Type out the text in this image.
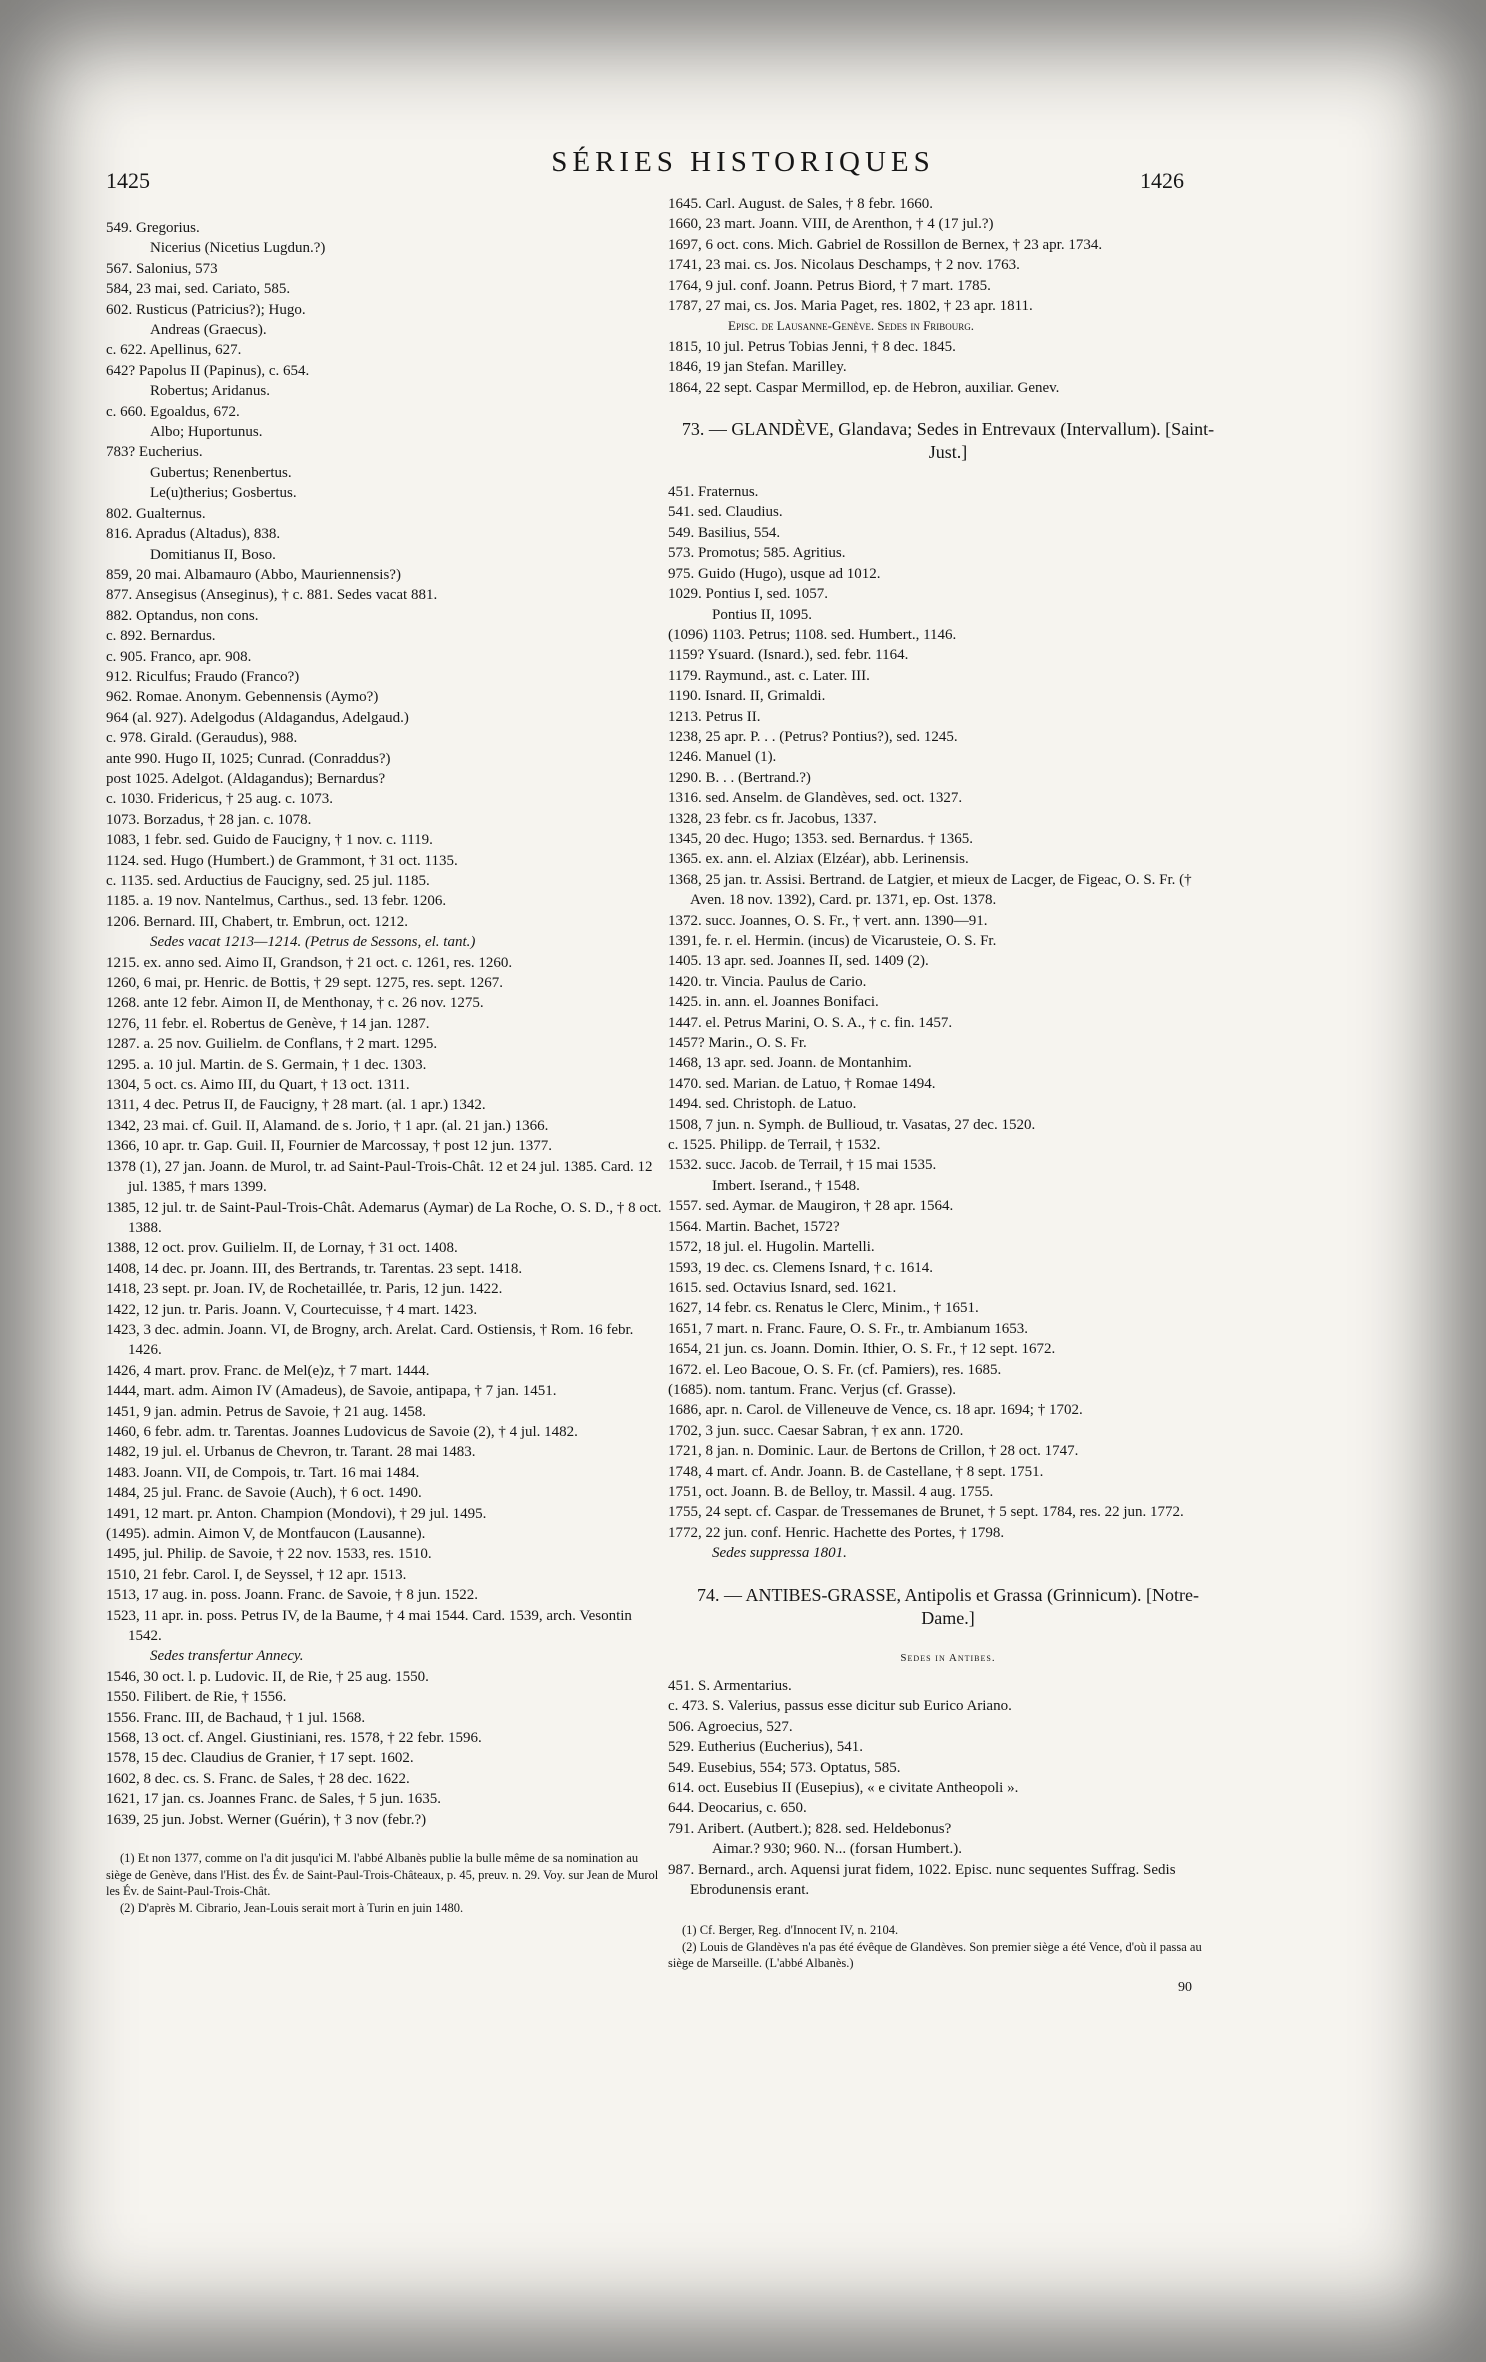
1425
SÉRIES HISTORIQUES
1426

549. Gregorius.

Nicerius (Nicetius Lugdun.?)

567. Salonius, 573

584, 23 mai, sed. Cariato, 585.

602. Rusticus (Patricius?); Hugo.

Andreas (Graecus).

c. 622. Apellinus, 627.

642? Papolus II (Papinus), c. 654.

Robertus; Aridanus.

c. 660. Egoaldus, 672.

Albo; Huportunus.

783? Eucherius.

Gubertus; Renenbertus.

Le(u)therius; Gosbertus.

802. Gualternus.

816. Apradus (Altadus), 838.

Domitianus II, Boso.

859, 20 mai. Albamauro (Abbo, Mauriennensis?)

877. Ansegisus (Anseginus), † c. 881. Sedes vacat 881.

882. Optandus, non cons.

c. 892. Bernardus.

c. 905. Franco, apr. 908.

912. Riculfus; Fraudo (Franco?)

962. Romae. Anonym. Gebennensis (Aymo?)

964 (al. 927). Adelgodus (Aldagandus, Adelgaud.)

c. 978. Girald. (Geraudus), 988.

ante 990. Hugo II, 1025; Cunrad. (Conraddus?)

post 1025. Adelgot. (Aldagandus); Bernardus?

c. 1030. Fridericus, † 25 aug. c. 1073.

1073. Borzadus, † 28 jan. c. 1078.

1083, 1 febr. sed. Guido de Faucigny, † 1 nov. c. 1119.

1124. sed. Hugo (Humbert.) de Grammont, † 31 oct. 1135.

c. 1135. sed. Arductius de Faucigny, sed. 25 jul. 1185.

1185. a. 19 nov. Nantelmus, Carthus., sed. 13 febr. 1206.

1206. Bernard. III, Chabert, tr. Embrun, oct. 1212.

Sedes vacat 1213—1214. (Petrus de Sessons, el. tant.)

1215. ex. anno sed. Aimo II, Grandson, † 21 oct. c. 1261, res. 1260.

1260, 6 mai, pr. Henric. de Bottis, † 29 sept. 1275, res. sept. 1267.

1268. ante 12 febr. Aimon II, de Menthonay, † c. 26 nov. 1275.

1276, 11 febr. el. Robertus de Genève, † 14 jan. 1287.

1287. a. 25 nov. Guilielm. de Conflans, † 2 mart. 1295.

1295. a. 10 jul. Martin. de S. Germain, † 1 dec. 1303.

1304, 5 oct. cs. Aimo III, du Quart, † 13 oct. 1311.

1311, 4 dec. Petrus II, de Faucigny, † 28 mart. (al. 1 apr.) 1342.

1342, 23 mai. cf. Guil. II, Alamand. de s. Jorio, † 1 apr. (al. 21 jan.) 1366.

1366, 10 apr. tr. Gap. Guil. II, Fournier de Marcossay, † post 12 jun. 1377.

1378 (1), 27 jan. Joann. de Murol, tr. ad Saint-Paul-Trois-Chât. 12 et 24 jul. 1385. Card. 12 jul. 1385, † mars 1399.

1385, 12 jul. tr. de Saint-Paul-Trois-Chât. Ademarus (Aymar) de La Roche, O. S. D., † 8 oct. 1388.

1388, 12 oct. prov. Guilielm. II, de Lornay, † 31 oct. 1408.

1408, 14 dec. pr. Joann. III, des Bertrands, tr. Tarentas. 23 sept. 1418.

1418, 23 sept. pr. Joan. IV, de Rochetaillée, tr. Paris, 12 jun. 1422.

1422, 12 jun. tr. Paris. Joann. V, Courtecuisse, † 4 mart. 1423.

1423, 3 dec. admin. Joann. VI, de Brogny, arch. Arelat. Card. Ostiensis, † Rom. 16 febr. 1426.

1426, 4 mart. prov. Franc. de Mel(e)z, † 7 mart. 1444.

1444, mart. adm. Aimon IV (Amadeus), de Savoie, antipapa, † 7 jan. 1451.

1451, 9 jan. admin. Petrus de Savoie, † 21 aug. 1458.

1460, 6 febr. adm. tr. Tarentas. Joannes Ludovicus de Savoie (2), † 4 jul. 1482.

1482, 19 jul. el. Urbanus de Chevron, tr. Tarant. 28 mai 1483.

1483. Joann. VII, de Compois, tr. Tart. 16 mai 1484.

1484, 25 jul. Franc. de Savoie (Auch), † 6 oct. 1490.

1491, 12 mart. pr. Anton. Champion (Mondovi), † 29 jul. 1495.

(1495). admin. Aimon V, de Montfaucon (Lausanne).

1495, jul. Philip. de Savoie, † 22 nov. 1533, res. 1510.

1510, 21 febr. Carol. I, de Seyssel, † 12 apr. 1513.

1513, 17 aug. in. poss. Joann. Franc. de Savoie, † 8 jun. 1522.

1523, 11 apr. in. poss. Petrus IV, de la Baume, † 4 mai 1544. Card. 1539, arch. Vesontin 1542.

Sedes transfertur Annecy.

1546, 30 oct. l. p. Ludovic. II, de Rie, † 25 aug. 1550.

1550. Filibert. de Rie, † 1556.

1556. Franc. III, de Bachaud, † 1 jul. 1568.

1568, 13 oct. cf. Angel. Giustiniani, res. 1578, † 22 febr. 1596.

1578, 15 dec. Claudius de Granier, † 17 sept. 1602.

1602, 8 dec. cs. S. Franc. de Sales, † 28 dec. 1622.

1621, 17 jan. cs. Joannes Franc. de Sales, † 5 jun. 1635.

1639, 25 jun. Jobst. Werner (Guérin), † 3 nov (febr.?)

(1) Et non 1377, comme on l'a dit jusqu'ici M. l'abbé Albanès publie la bulle même de sa nomination au siège de Genève, dans l'Hist. des Év. de Saint-Paul-Trois-Châteaux, p. 45, preuv. n. 29. Voy. sur Jean de Murol les Év. de Saint-Paul-Trois-Chât.

(2) D'après M. Cibrario, Jean-Louis serait mort à Turin en juin 1480.

1645. Carl. August. de Sales, † 8 febr. 1660.

1660, 23 mart. Joann. VIII, de Arenthon, † 4 (17 jul.?)

1697, 6 oct. cons. Mich. Gabriel de Rossillon de Bernex, † 23 apr. 1734.

1741, 23 mai. cs. Jos. Nicolaus Deschamps, † 2 nov. 1763.

1764, 9 jul. conf. Joann. Petrus Biord, † 7 mart. 1785.

1787, 27 mai, cs. Jos. Maria Paget, res. 1802, † 23 apr. 1811.

Episc. de Lausanne-Genève. Sedes in Fribourg.

1815, 10 jul. Petrus Tobias Jenni, † 8 dec. 1845.

1846, 19 jan Stefan. Marilley.

1864, 22 sept. Caspar Mermillod, ep. de Hebron, auxiliar. Genev.

73. — GLANDÈVE, Glandava; Sedes in Entrevaux (Intervallum). [Saint-Just.]

451. Fraternus.

541. sed. Claudius.

549. Basilius, 554.

573. Promotus; 585. Agritius.

975. Guido (Hugo), usque ad 1012.

1029. Pontius I, sed. 1057.

Pontius II, 1095.

(1096) 1103. Petrus; 1108. sed. Humbert., 1146.

1159? Ysuard. (Isnard.), sed. febr. 1164.

1179. Raymund., ast. c. Later. III.

1190. Isnard. II, Grimaldi.

1213. Petrus II.

1238, 25 apr. P. . . (Petrus? Pontius?), sed. 1245.

1246. Manuel (1).

1290. B. . . (Bertrand.?)

1316. sed. Anselm. de Glandèves, sed. oct. 1327.

1328, 23 febr. cs fr. Jacobus, 1337.

1345, 20 dec. Hugo; 1353. sed. Bernardus. † 1365.

1365. ex. ann. el. Alziax (Elzéar), abb. Lerinensis.

1368, 25 jan. tr. Assisi. Bertrand. de Latgier, et mieux de Lacger, de Figeac, O. S. Fr. († Aven. 18 nov. 1392), Card. pr. 1371, ep. Ost. 1378.

1372. succ. Joannes, O. S. Fr., † vert. ann. 1390—91.

1391, fe. r. el. Hermin. (incus) de Vicarusteie, O. S. Fr.

1405. 13 apr. sed. Joannes II, sed. 1409 (2).

1420. tr. Vincia. Paulus de Cario.

1425. in. ann. el. Joannes Bonifaci.

1447. el. Petrus Marini, O. S. A., † c. fin. 1457.

1457? Marin., O. S. Fr.

1468, 13 apr. sed. Joann. de Montanhim.

1470. sed. Marian. de Latuo, † Romae 1494.

1494. sed. Christoph. de Latuo.

1508, 7 jun. n. Symph. de Bullioud, tr. Vasatas, 27 dec. 1520.

c. 1525. Philipp. de Terrail, † 1532.

1532. succ. Jacob. de Terrail, † 15 mai 1535.

Imbert. Iserand., † 1548.

1557. sed. Aymar. de Maugiron, † 28 apr. 1564.

1564. Martin. Bachet, 1572?

1572, 18 jul. el. Hugolin. Martelli.

1593, 19 dec. cs. Clemens Isnard, † c. 1614.

1615. sed. Octavius Isnard, sed. 1621.

1627, 14 febr. cs. Renatus le Clerc, Minim., † 1651.

1651, 7 mart. n. Franc. Faure, O. S. Fr., tr. Ambianum 1653.

1654, 21 jun. cs. Joann. Domin. Ithier, O. S. Fr., † 12 sept. 1672.

1672. el. Leo Bacoue, O. S. Fr. (cf. Pamiers), res. 1685.

(1685). nom. tantum. Franc. Verjus (cf. Grasse).

1686, apr. n. Carol. de Villeneuve de Vence, cs. 18 apr. 1694; † 1702.

1702, 3 jun. succ. Caesar Sabran, † ex ann. 1720.

1721, 8 jan. n. Dominic. Laur. de Bertons de Crillon, † 28 oct. 1747.

1748, 4 mart. cf. Andr. Joann. B. de Castellane, † 8 sept. 1751.

1751, oct. Joann. B. de Belloy, tr. Massil. 4 aug. 1755.

1755, 24 sept. cf. Caspar. de Tressemanes de Brunet, † 5 sept. 1784, res. 22 jun. 1772.

1772, 22 jun. conf. Henric. Hachette des Portes, † 1798.

Sedes suppressa 1801.

74. — ANTIBES-GRASSE, Antipolis et Grassa (Grinnicum). [Notre-Dame.]
Sedes in Antibes.

451. S. Armentarius.

c. 473. S. Valerius, passus esse dicitur sub Eurico Ariano.

506. Agroecius, 527.

529. Eutherius (Eucherius), 541.

549. Eusebius, 554; 573. Optatus, 585.

614. oct. Eusebius II (Eusepius), « e civitate Antheopoli ».

644. Deocarius, c. 650.

791. Aribert. (Autbert.); 828. sed. Heldebonus?

Aimar.? 930; 960. N... (forsan Humbert.).

987. Bernard., arch. Aquensi jurat fidem, 1022. Episc. nunc sequentes Suffrag. Sedis Ebrodunensis erant.

(1) Cf. Berger, Reg. d'Innocent IV, n. 2104.

(2) Louis de Glandèves n'a pas été évêque de Glandèves. Son premier siège a été Vence, d'où il passa au siège de Marseille. (L'abbé Albanès.)

90
